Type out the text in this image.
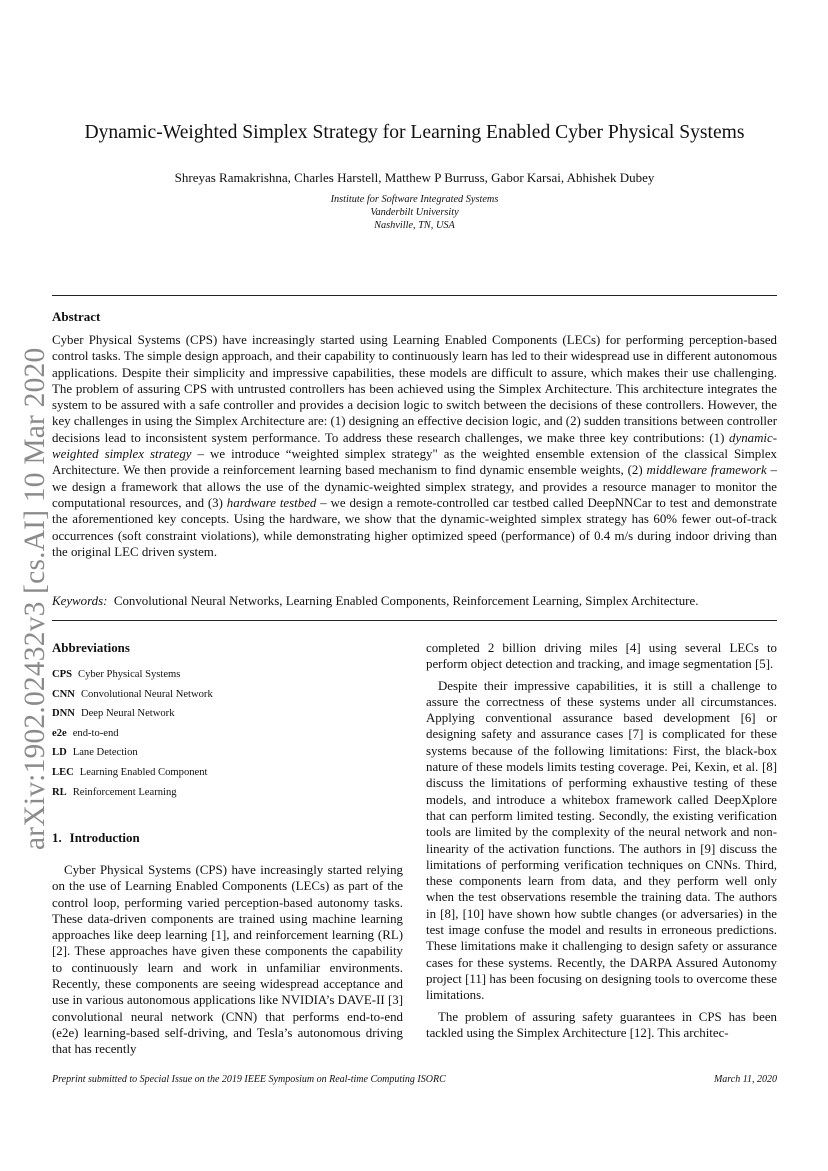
arXiv:1902.02432v3 [cs.AI] 10 Mar 2020
Dynamic-Weighted Simplex Strategy for Learning Enabled Cyber Physical Systems
Shreyas Ramakrishna, Charles Harstell, Matthew P Burruss, Gabor Karsai, Abhishek Dubey
Institute for Software Integrated Systems
Vanderbilt University
Nashville, TN, USA
Abstract

Cyber Physical Systems (CPS) have increasingly started using Learning Enabled Components (LECs) for performing perception-based control tasks. The simple design approach, and their capability to continuously learn has led to their widespread use in different autonomous applications. Despite their simplicity and impressive capabilities, these models are difficult to assure, which makes their use challenging. The problem of assuring CPS with untrusted controllers has been achieved using the Simplex Architecture. This architecture integrates the system to be assured with a safe controller and provides a decision logic to switch between the decisions of these controllers. However, the key challenges in using the Simplex Architecture are: (1) designing an effective decision logic, and (2) sudden transitions between controller decisions lead to inconsistent system performance. To address these research challenges, we make three key contributions: (1) dynamic-weighted simplex strategy – we introduce “weighted simplex strategy" as the weighted ensemble extension of the classical Simplex Architecture. We then provide a reinforcement learning based mechanism to find dynamic ensemble weights, (2) middleware framework – we design a framework that allows the use of the dynamic-weighted simplex strategy, and provides a resource manager to monitor the computational resources, and (3) hardware testbed – we design a remote-controlled car testbed called DeepNNCar to test and demonstrate the aforementioned key concepts. Using the hardware, we show that the dynamic-weighted simplex strategy has 60% fewer out-of-track occurrences (soft constraint violations), while demonstrating higher optimized speed (performance) of 0.4 m/s during indoor driving than the original LEC driven system.

Keywords: Convolutional Neural Networks, Learning Enabled Components, Reinforcement Learning, Simplex Architecture.
Abbreviations
CPS Cyber Physical Systems
CNN Convolutional Neural Network
DNN Deep Neural Network
e2e end-to-end
LD Lane Detection
LEC Learning Enabled Component
RL Reinforcement Learning
1. Introduction

Cyber Physical Systems (CPS) have increasingly started relying on the use of Learning Enabled Components (LECs) as part of the control loop, performing varied perception-based autonomy tasks. These data-driven components are trained using machine learning approaches like deep learning [1], and reinforcement learning (RL) [2]. These approaches have given these components the capability to continuously learn and work in unfamiliar environments. Recently, these components are seeing widespread acceptance and use in various autonomous applications like NVIDIA’s DAVE-II [3] convolutional neural network (CNN) that performs end-to-end (e2e) learning-based self-driving, and Tesla’s autonomous driving that has recently

completed 2 billion driving miles [4] using several LECs to perform object detection and tracking, and image segmentation [5].

Despite their impressive capabilities, it is still a challenge to assure the correctness of these systems under all circumstances. Applying conventional assurance based development [6] or designing safety and assurance cases [7] is complicated for these systems because of the following limitations: First, the black-box nature of these models limits testing coverage. Pei, Kexin, et al. [8] discuss the limitations of performing exhaustive testing of these models, and introduce a whitebox framework called DeepXplore that can perform limited testing. Secondly, the existing verification tools are limited by the complexity of the neural network and non-linearity of the activation functions. The authors in [9] discuss the limitations of performing verification techniques on CNNs. Third, these components learn from data, and they perform well only when the test observations resemble the training data. The authors in [8], [10] have shown how subtle changes (or adversaries) in the test image confuse the model and results in erroneous predictions. These limitations make it challenging to design safety or assurance cases for these systems. Recently, the DARPA Assured Autonomy project [11] has been focusing on designing tools to overcome these limitations.

The problem of assuring safety guarantees in CPS has been tackled using the Simplex Architecture [12]. This architec-

Preprint submitted to Special Issue on the 2019 IEEE Symposium on Real-time Computing ISORC	March 11, 2020
